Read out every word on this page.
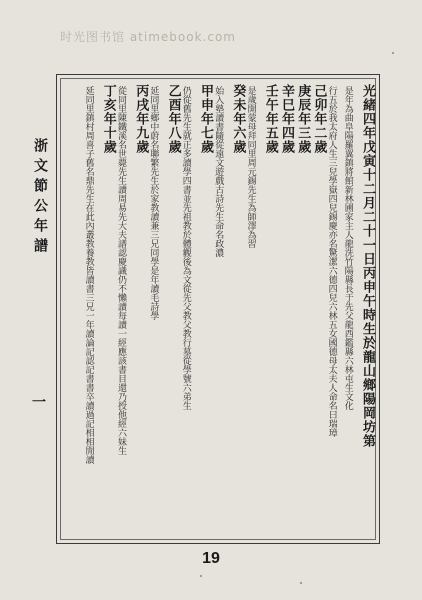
时光图书馆 atimebook.com
浙文節公年譜
一	光緒四年戊寅十二月二十一日丙申午時生於龍山鄉陽岡坊第
是年為曲阜陽羅翼鎮將館新林圃家主人龍洗竹陽縣長于先父龍西鑑縣六林屯生文化
行五於我太府人生三兒學嶽四兒錫慶亦名驚潔六德四兒六林五女國德母太夫人命名曰瑞璋
己卯年二歲
庚辰年三歲
辛巳年四歲
壬午年五歲
是歲開蒙母拜同里周元錫先生為師澤為習
癸未年六歲
始入塾讀書隨從遠文遊戲古詩先生命名政濃
甲申年七歲
仍從舊先生就正多讀學四書並先祖教於體觀後為文從先父教父教行墓從學號六弟生
乙酉年八歲
延同里鄉中蔚名聯繁先生於家教讀兼三兄同學是年讀毛詩學
丙戌年九歲
從同里陳鐵溪名世薨先生讀周易先大夫譜認慶識仍不懶讀每讀一經應該書目還乃授他經六妹生
丁亥年十歲
延同里鎮村周喜子舊名鼎先生在此內叢教養教皆讀書三兄一年讀論記認記書書卒讀過記相相閒讀
19
